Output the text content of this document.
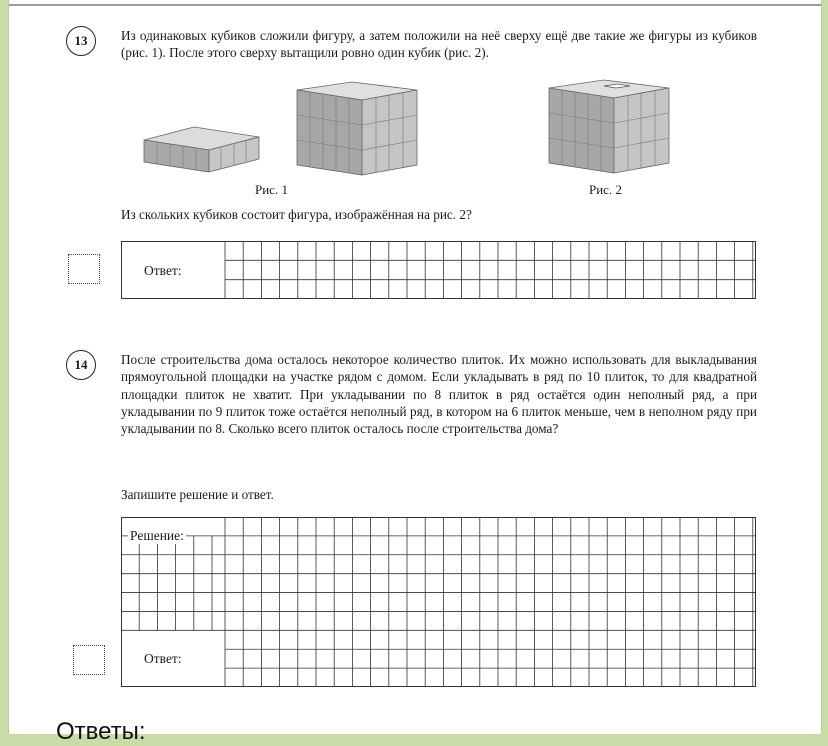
13	Из одинаковых кубиков сложили фигуру, а затем положили на неё сверху ещё две такие же фигуры из кубиков (рис. 1). После этого сверху вытащили ровно один кубик (рис. 2).
Рис. 1	Рис. 2
Из скольких кубиков состоит фигура, изображённая на рис. 2?
Ответ:
14	После строительства дома осталось некоторое количество плиток. Их можно использовать для выкладывания прямоугольной площадки на участке рядом с домом. Если укладывать в ряд по 10 плиток, то для квадратной площадки плиток не хватит. При укладывании по 8 плиток в ряд остаётся один неполный ряд, а при укладывании по 9 плиток тоже остаётся неполный ряд, в котором на 6 плиток меньше, чем в неполном ряду при укладывании по 8. Сколько всего плиток осталось после строительства дома?
Запишите решение и ответ.
Решение:
Ответ:
Ответы:
